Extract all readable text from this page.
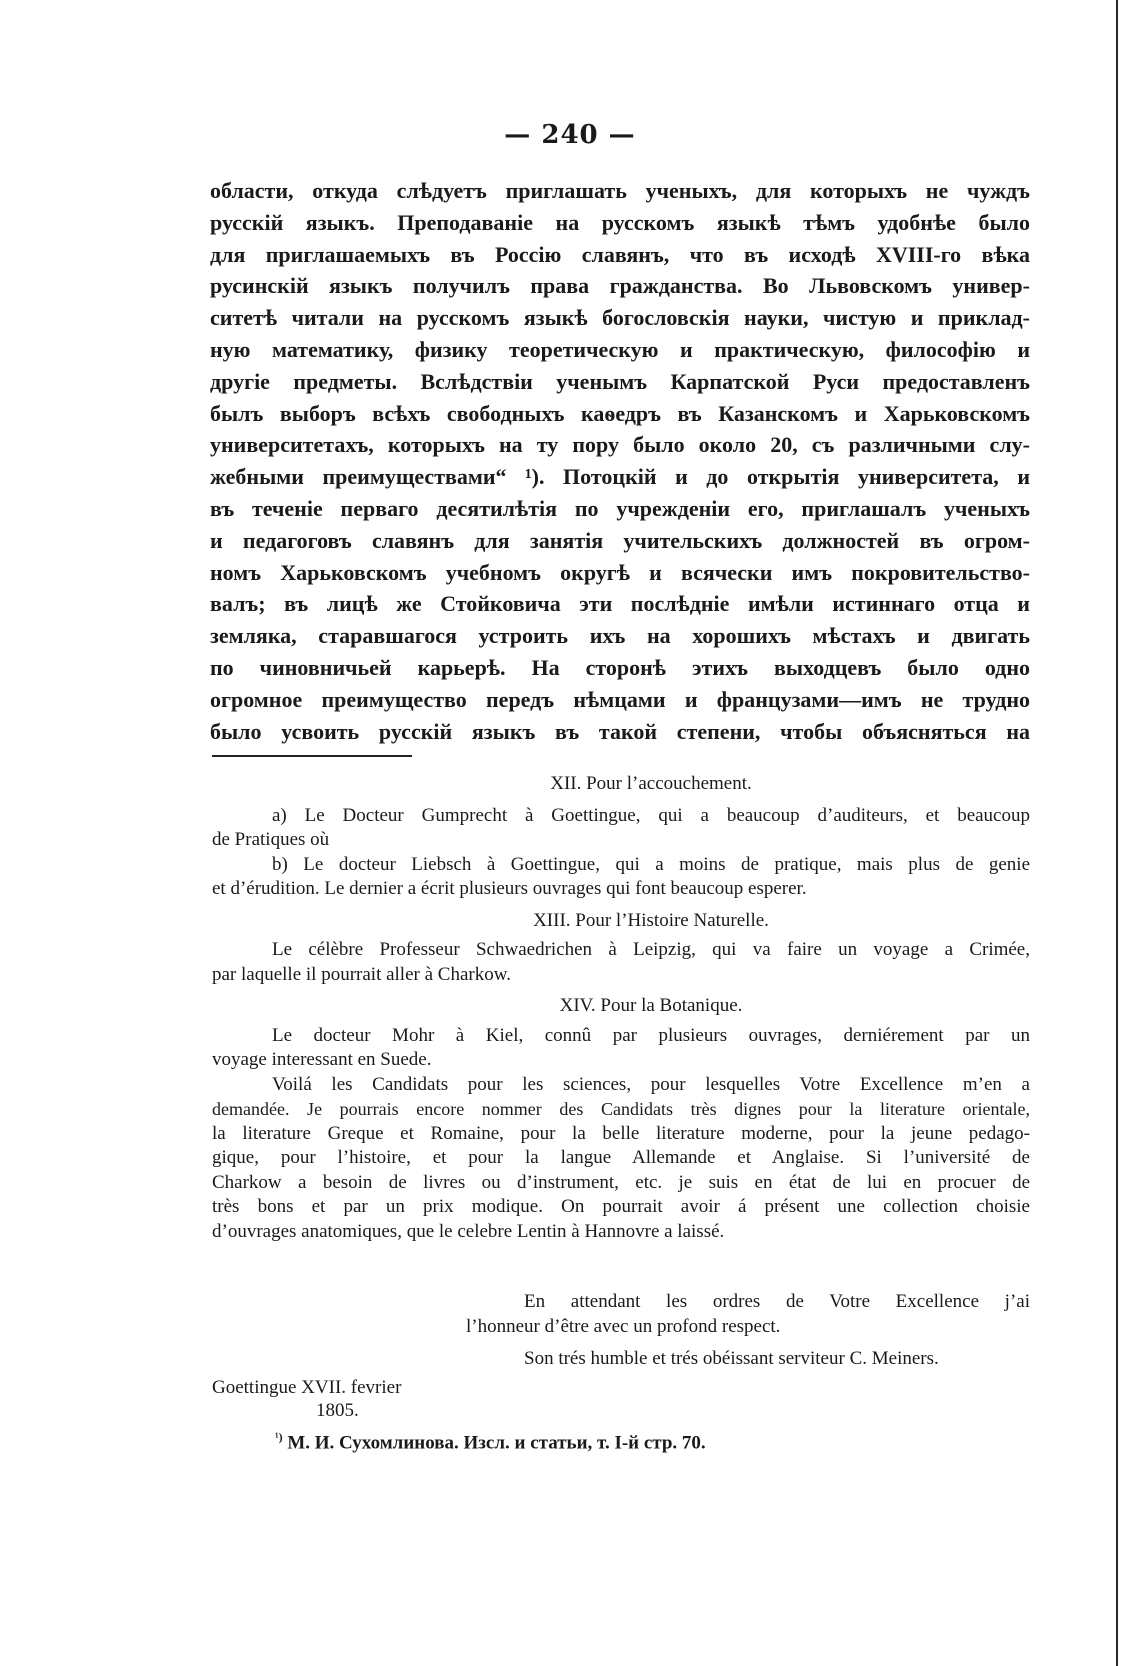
— 240 —
области, откуда слѣдуетъ приглашать ученыхъ, для которыхъ не чуждъ
русскій языкъ. Преподаваніе на русскомъ языкѣ тѣмъ удобнѣе было
для приглашаемыхъ въ Россію славянъ, что въ исходѣ XVIII-го вѣка
русинскій языкъ получилъ права гражданства. Во Львовскомъ универ-
ситетѣ читали на русскомъ языкѣ богословскія науки, чистую и приклад-
ную математику, физику теоретическую и практическую, философію и
другіе предметы. Вслѣдствіи ученымъ Карпатской Руси предоставленъ
былъ выборъ всѣхъ свободныхъ каѳедръ въ Казанскомъ и Харьковскомъ
университетахъ, которыхъ на ту пору было около 20, съ различными слу-
жебными преимуществами“ ¹). Потоцкій и до открытія университета, и
въ теченіе перваго десятилѣтія по учрежденіи его, приглашалъ ученыхъ
и педагоговъ славянъ для занятія учительскихъ должностей въ огром-
номъ Харьковскомъ учебномъ округѣ и всячески имъ покровительство-
валъ; въ лицѣ же Стойковича эти послѣдніе имѣли истиннаго отца и
земляка, старавшагося устроить ихъ на хорошихъ мѣстахъ и двигать
по чиновничьей карьерѣ. На сторонѣ этихъ выходцевъ было одно
огромное преимущество передъ нѣмцами и французами—имъ не трудно
было усвоить русскій языкъ въ такой степени, чтобы объясняться на
XII. Pour l’accouchement.
a) Le Docteur Gumprecht à Goettingue, qui a beaucoup d’auditeurs, et beaucoup
de Pratiques où
b) Le docteur Liebsch à Goettingue, qui a moins de pratique, mais plus de genie
et d’érudition. Le dernier a écrit plusieurs ouvrages qui font beaucoup esperer.
XIII. Pour l’Histoire Naturelle.
Le célèbre Professeur Schwaedrichen à Leipzig, qui va faire un voyage a Crimée,
par laquelle il pourrait aller à Charkow.
XIV. Pour la Botanique.
Le docteur Mohr à Kiel, connû par plusieurs ouvrages, derniérement par un
voyage interessant en Suede.
Voilá les Candidats pour les sciences, pour lesquelles Votre Excellence m’en a
demandée. Je pourrais encore nommer des Candidats très dignes pour la literature orientale,
la literature Greque et Romaine, pour la belle literature moderne, pour la jeune pedago-
gique, pour l’histoire, et pour la langue Allemande et Anglaise. Si l’université de
Charkow a besoin de livres ou d’instrument, etc. je suis en état de lui en procuer de
très bons et par un prix modique. On pourrait avoir á présent une collection choisie
d’ouvrages anatomiques, que le celebre Lentin à Hannovre a laissé.
En attendant les ordres de Votre Excellence j’ai
l’honneur d’être avec un profond respect.
Son trés humble et trés obéissant serviteur C. Meiners.
Goettingue XVII. fevrier
1805.
$^{^1)}$ М. И. Сухомлинова. Изсл. и статьи, т. I-й стр. 70.
